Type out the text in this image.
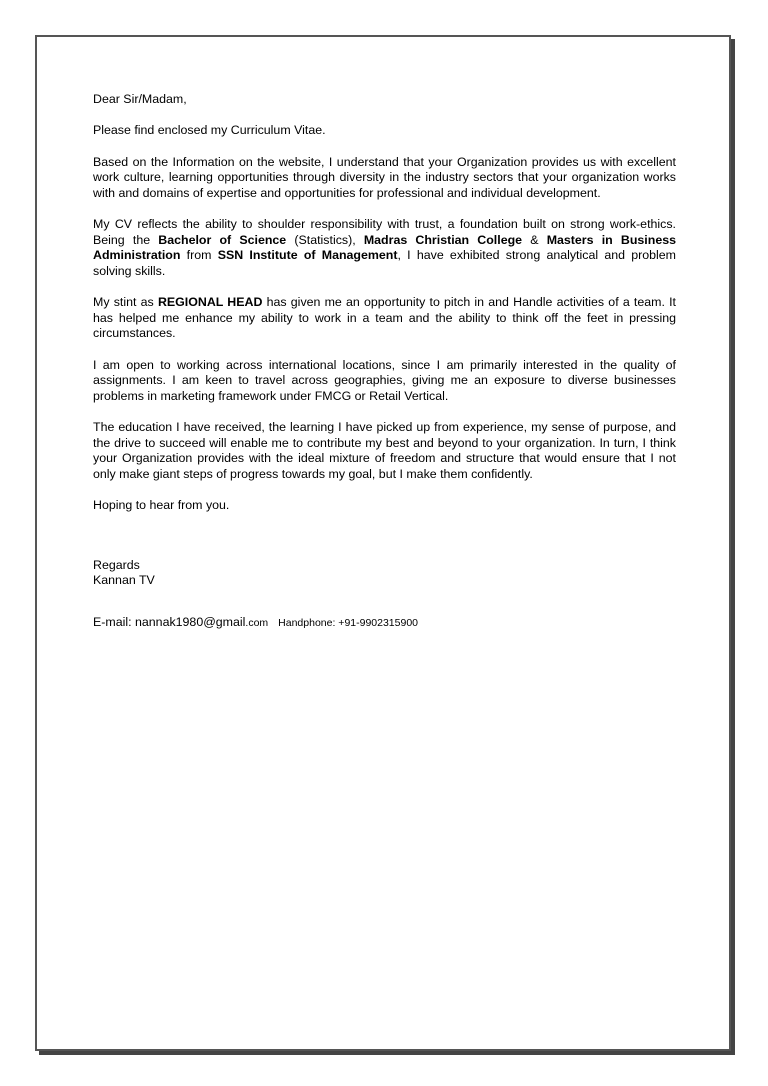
Dear Sir/Madam,

Please find enclosed my Curriculum Vitae.

Based on the Information on the website, I understand that your Organization provides us with excellent work culture, learning opportunities through diversity in the industry sectors that your organization works with and domains of expertise and opportunities for professional and individual development.

My CV reflects the ability to shoulder responsibility with trust, a foundation built on strong work-ethics. Being the Bachelor of Science (Statistics), Madras Christian College & Masters in Business Administration from SSN Institute of Management, I have exhibited strong analytical and problem solving skills.

My stint as REGIONAL HEAD has given me an opportunity to pitch in and Handle activities of a team. It has helped me enhance my ability to work in a team and the ability to think off the feet in pressing circumstances.

I am open to working across international locations, since I am primarily interested in the quality of assignments. I am keen to travel across geographies, giving me an exposure to diverse businesses problems in marketing framework under FMCG or Retail Vertical.

The education I have received, the learning I have picked up from experience, my sense of purpose, and the drive to succeed will enable me to contribute my best and beyond to your organization. In turn, I think your Organization provides with the ideal mixture of freedom and structure that would ensure that I not only make giant steps of progress towards my goal, but I make them confidently.

Hoping to hear from you.

Regards
Kannan TV
E-mail: nannak1980@gmail.com Handphone: +91-9902315900
